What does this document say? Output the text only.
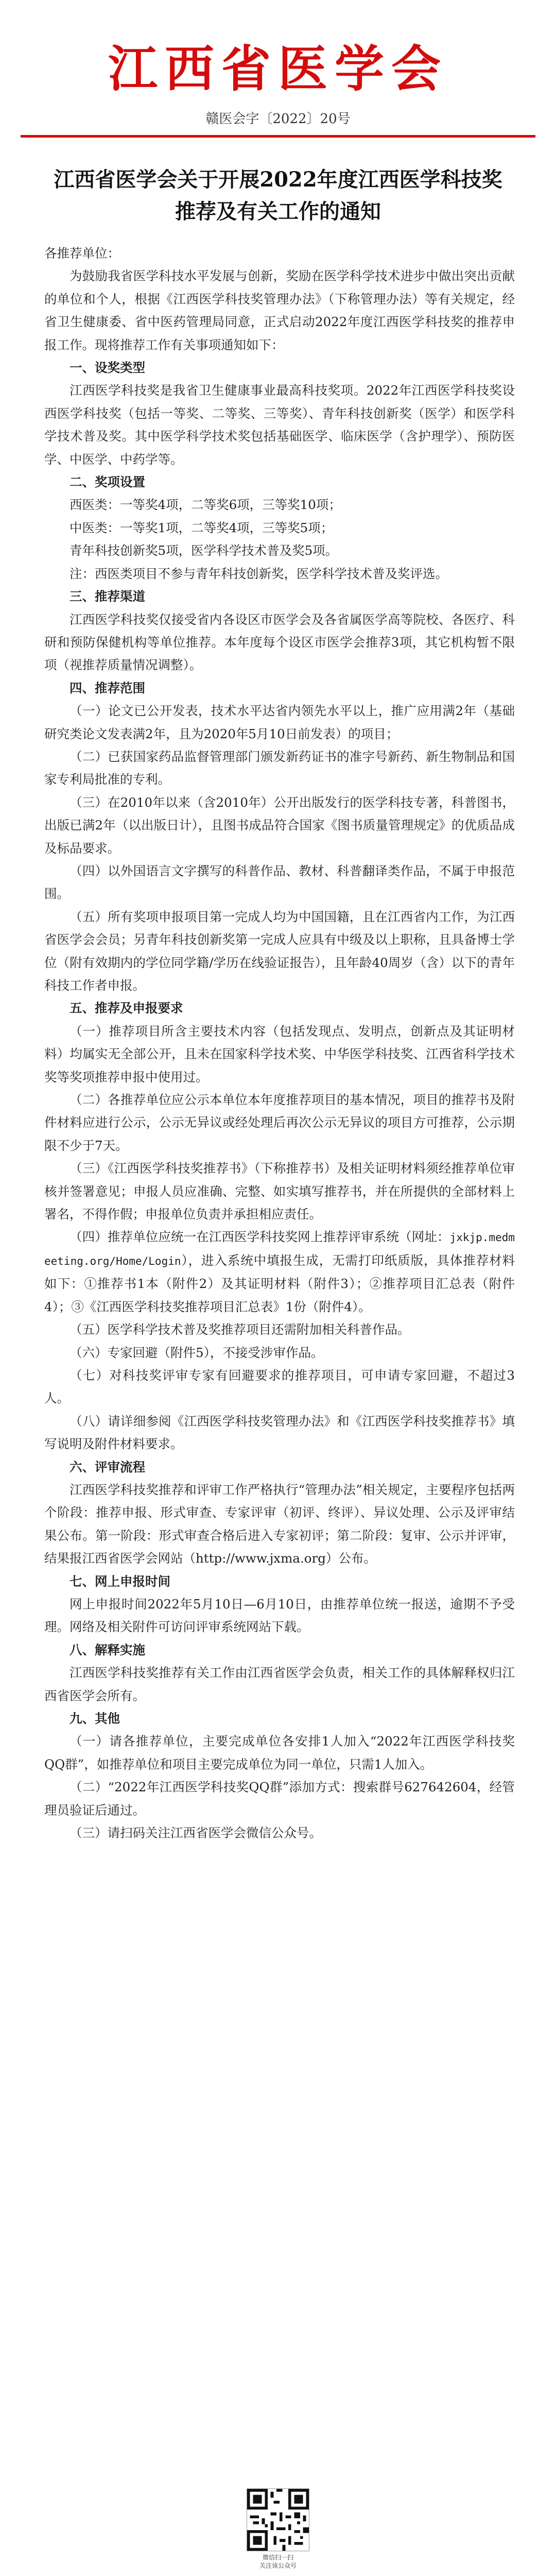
江西省医学会
赣医会字〔2022〕20号
江西省医学会关于开展2022年度江西医学科技奖推荐及有关工作的通知

各推荐单位：

为鼓励我省医学科技水平发展与创新，奖励在医学科学技术进步中做出突出贡献的单位和个人，根据《江西医学科技奖管理办法》（下称管理办法）等有关规定，经省卫生健康委、省中医药管理局同意，正式启动2022年度江西医学科技奖的推荐申报工作。现将推荐工作有关事项通知如下：

一、设奖类型

江西医学科技奖是我省卫生健康事业最高科技奖项。2022年江西医学科技奖设西医学科技奖（包括一等奖、二等奖、三等奖）、青年科技创新奖（医学）和医学科学技术普及奖。其中医学科学技术奖包括基础医学、临床医学（含护理学）、预防医学、中医学、中药学等。

二、奖项设置

西医类：一等奖4项，二等奖6项，三等奖10项；

中医类：一等奖1项，二等奖4项，三等奖5项；

青年科技创新奖5项，医学科学技术普及奖5项。

注：西医类项目不参与青年科技创新奖，医学科学技术普及奖评选。

三、推荐渠道

江西医学科技奖仅接受省内各设区市医学会及各省属医学高等院校、各医疗、科研和预防保健机构等单位推荐。本年度每个设区市医学会推荐3项，其它机构暂不限项（视推荐质量情况调整）。

四、推荐范围

（一）论文已公开发表，技术水平达省内领先水平以上，推广应用满2年（基础研究类论文发表满2年，且为2020年5月10日前发表）的项目；

（二）已获国家药品监督管理部门颁发新药证书的准字号新药、新生物制品和国家专利局批准的专利。

（三）在2010年以来（含2010年）公开出版发行的医学科技专著，科普图书，出版已满2年（以出版日计），且图书成品符合国家《图书质量管理规定》的优质品成及标品要求。

（四）以外国语言文字撰写的科普作品、教材、科普翻译类作品，不属于申报范围。

（五）所有奖项申报项目第一完成人均为中国国籍，且在江西省内工作，为江西省医学会会员；另青年科技创新奖第一完成人应具有中级及以上职称，且具备博士学位（附有效期内的学位同学籍/学历在线验证报告），且年龄40周岁（含）以下的青年科技工作者申报。

五、推荐及申报要求

（一）推荐项目所含主要技术内容（包括发现点、发明点，创新点及其证明材料）均属实无全部公开，且未在国家科学技术奖、中华医学科技奖、江西省科学技术奖等奖项推荐申报中使用过。

（二）各推荐单位应公示本单位本年度推荐项目的基本情况，项目的推荐书及附件材料应进行公示，公示无异议或经处理后再次公示无异议的项目方可推荐，公示期限不少于7天。

（三）《江西医学科技奖推荐书》（下称推荐书）及相关证明材料须经推荐单位审核并签署意见；申报人员应准确、完整、如实填写推荐书，并在所提供的全部材料上署名，不得作假；申报单位负责并承担相应责任。

（四）推荐单位应统一在江西医学科技奖网上推荐评审系统（网址：jxkjp.medmeeting.org/Home/Login），进入系统中填报生成，无需打印纸质版，具体推荐材料如下：①推荐书1本（附件2）及其证明材料（附件3）；②推荐项目汇总表（附件4）；③《江西医学科技奖推荐项目汇总表》1份（附件4）。

（五）医学科学技术普及奖推荐项目还需附加相关科普作品。

（六）专家回避（附件5），不接受涉审作品。

（七）对科技奖评审专家有回避要求的推荐项目，可申请专家回避，不超过3人。

（八）请详细参阅《江西医学科技奖管理办法》和《江西医学科技奖推荐书》填写说明及附件材料要求。

六、评审流程

江西医学科技奖推荐和评审工作严格执行“管理办法”相关规定，主要程序包括两个阶段：推荐申报、形式审查、专家评审（初评、终评）、异议处理、公示及评审结果公布。第一阶段：形式审查合格后进入专家初评；第二阶段：复审、公示并评审，结果报江西省医学会网站（http://www.jxma.org）公布。

七、网上申报时间

网上申报时间2022年5月10日—6月10日，由推荐单位统一报送，逾期不予受理。网络及相关附件可访问评审系统网站下载。

八、解释实施

江西医学科技奖推荐有关工作由江西省医学会负责，相关工作的具体解释权归江西省医学会所有。

九、其他

（一）请各推荐单位，主要完成单位各安排1人加入“2022年江西医学科技奖QQ群”，如推荐单位和项目主要完成单位为同一单位，只需1人加入。

（二）“2022年江西医学科技奖QQ群”添加方式：搜索群号627642604，经管理员验证后通过。

（三）请扫码关注江西省医学会微信公众号。

微信扫一扫
关注该公众号
